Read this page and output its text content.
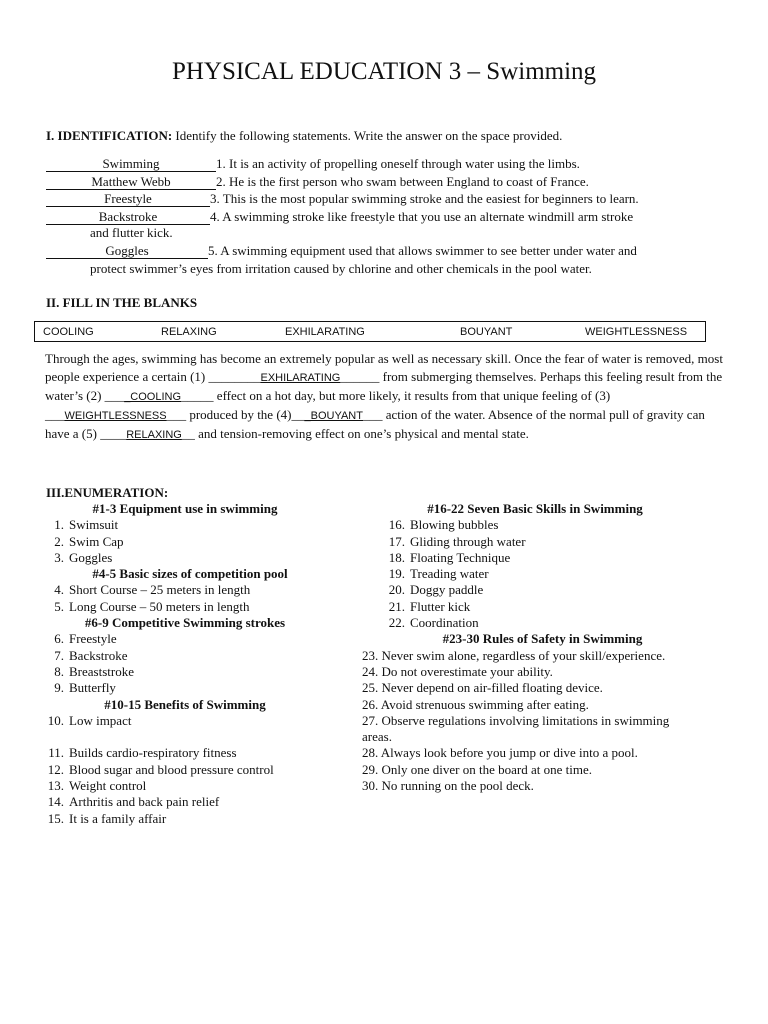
PHYSICAL EDUCATION 3 – Swimming
I. IDENTIFICATION: Identify the following statements. Write the answer on the space provided.
Swimming	1. It is an activity of propelling oneself through water using the limbs.
Matthew Webb	2. He is the first person who swam between England to coast of France.
Freestyle	3. This is the most popular swimming stroke and the easiest for beginners to learn.
Backstroke	4. A swimming stroke like freestyle that you use an alternate windmill arm stroke
and flutter kick.
Goggles	5. A swimming equipment used that allows swimmer to see better under water and
protect swimmer’s eyes from irritation caused by chlorine and other chemicals in the pool water.
II. FILL IN THE BLANKS
COOLING	RELAXING	EXHILARATING	BOUYANT	WEIGHTLESSNESS
Through the ages, swimming has become an extremely popular as well as necessary skill. Once the fear of water is removed, most people experience a certain (1) ________EXHILARATING______ from submerging themselves. Perhaps this feeling result from the water’s (2) ____COOLING_____ effect on a hot day, but more likely, it results from that unique feeling of (3) ___WEIGHTLESSNESS___ produced by the (4)___BOUYANT___ action of the water. Absence of the normal pull of gravity can have a (5) ____RELAXING__ and tension-removing effect on one’s physical and mental state.
III.ENUMERATION:
#1-3 Equipment use in swimming
1. Swimsuit
2. Swim Cap
3. Goggles
#4-5 Basic sizes of competition pool
4. Short Course – 25 meters in length
5. Long Course – 50 meters in length
#6-9 Competitive Swimming strokes
6. Freestyle
7. Backstroke
8. Breaststroke
9. Butterfly
#10-15 Benefits of Swimming
10. Low impact
11. Builds cardio-respiratory fitness
12. Blood sugar and blood pressure control
13. Weight control
14. Arthritis and back pain relief
15. It is a family affair
#16-22 Seven Basic Skills in Swimming
16. Blowing bubbles
17. Gliding through water
18. Floating Technique
19. Treading water
20. Doggy paddle
21. Flutter kick
22. Coordination
#23-30 Rules of Safety in Swimming
23. Never swim alone, regardless of your skill/experience.
24. Do not overestimate your ability.
25. Never depend on air-filled floating device.
26. Avoid strenuous swimming after eating.
27. Observe regulations involving limitations in swimming
areas.
28. Always look before you jump or dive into a pool.
29. Only one diver on the board at one time.
30. No running on the pool deck.
